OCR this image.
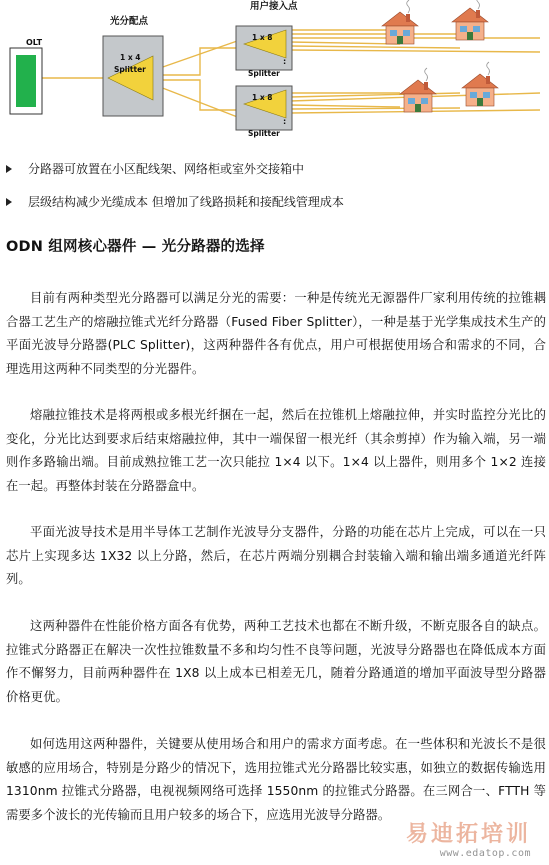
OLT
光分配点
1 x 4
Splitter
用户接入点
1 x 8
Splitter
:
1 x 8
Splitter
:
分路器可放置在小区配线架、网络柜或室外交接箱中
层级结构减少光缆成本 但增加了线路损耗和接配线管理成本
ODN 组网核心器件 — 光分路器的选择

目前有两种类型光分路器可以满足分光的需要：一种是传统光无源器件厂家利用传统的拉锥耦合器工艺生产的熔融拉锥式光纤分路器（Fused Fiber Splitter），一种是基于光学集成技术生产的平面光波导分路器(PLC Splitter)，这两种器件各有优点，用户可根据使用场合和需求的不同，合理选用这两种不同类型的分光器件。

熔融拉锥技术是将两根或多根光纤捆在一起，然后在拉锥机上熔融拉伸，并实时监控分光比的变化，分光比达到要求后结束熔融拉伸，其中一端保留一根光纤（其余剪掉）作为输入端，另一端则作多路输出端。目前成熟拉锥工艺一次只能拉 1×4 以下。1×4 以上器件，则用多个 1×2 连接在一起。再整体封装在分路器盒中。

平面光波导技术是用半导体工艺制作光波导分支器件，分路的功能在芯片上完成，可以在一只芯片上实现多达 1X32 以上分路，然后，在芯片两端分别耦合封装输入端和输出端多通道光纤阵列。

这两种器件在性能价格方面各有优势，两种工艺技术也都在不断升级，不断克服各自的缺点。拉锥式分路器正在解决一次性拉锥数量不多和均匀性不良等问题，光波导分路器也在降低成本方面作不懈努力，目前两种器件在 1X8 以上成本已相差无几，随着分路通道的增加平面波导型分路器价格更优。

如何选用这两种器件，关键要从使用场合和用户的需求方面考虑。在一些体积和光波长不是很敏感的应用场合，特别是分路少的情况下，选用拉锥式光分路器比较实惠，如独立的数据传输选用 1310nm 拉锥式分路器，电视视频网络可选择 1550nm 的拉锥式分路器。在三网合一、FTTH 等需要多个波长的光传输而且用户较多的场合下，应选用光波导分路器。

易迪拓培训
www.edatop.com
